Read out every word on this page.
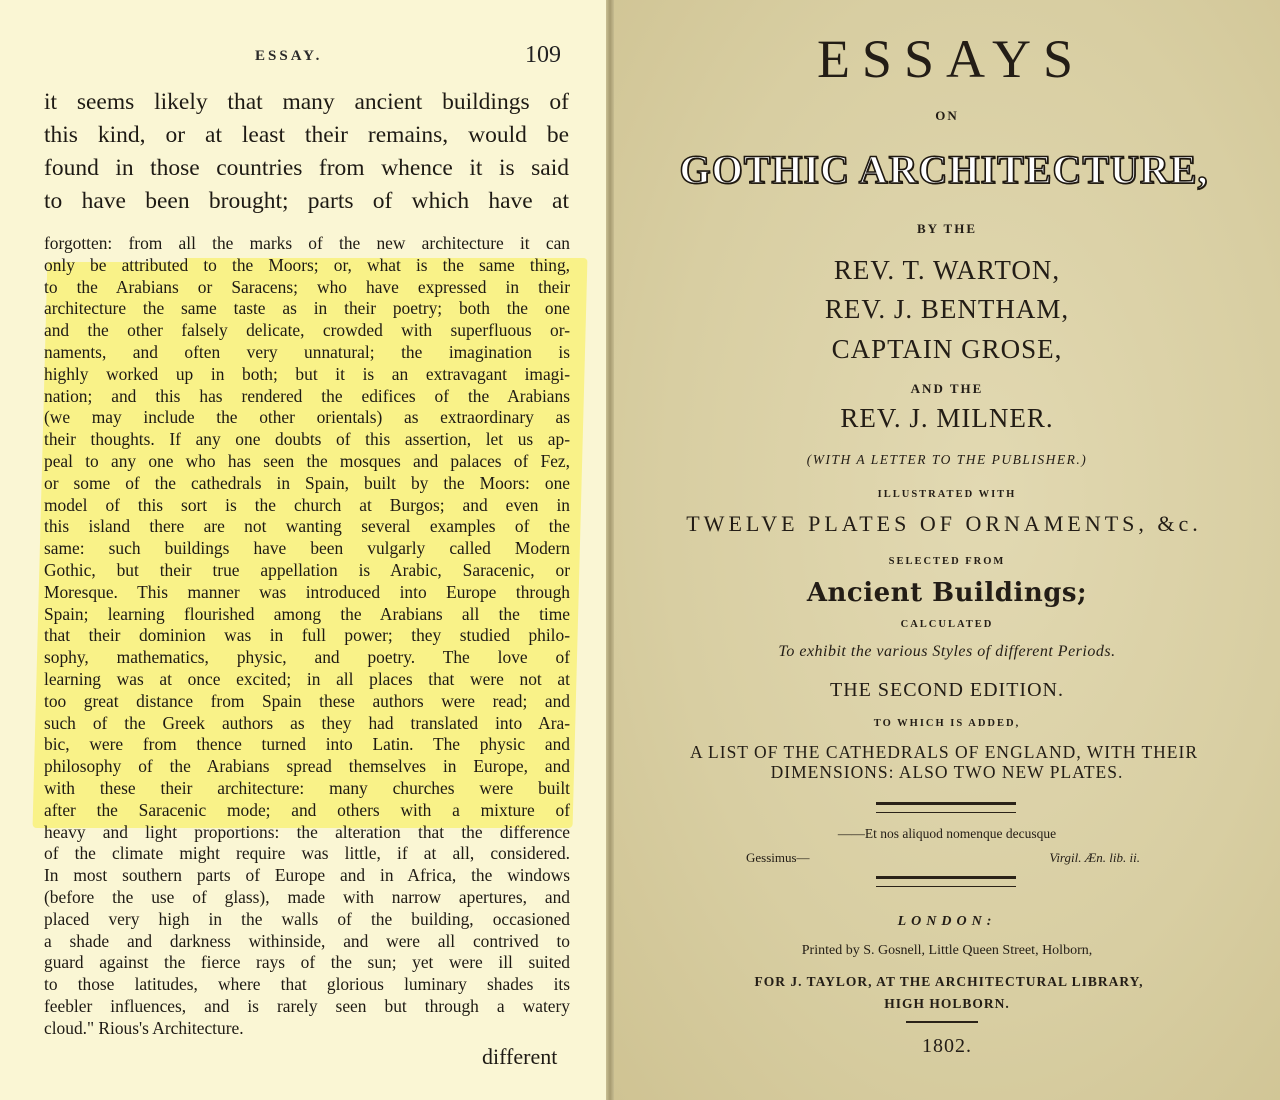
ESSAY.	109
it seems likely that many ancient buildings of
this kind, or at least their remains, would be
found in those countries from whence it is said
to have been brought; parts of which have at
forgotten: from all the marks of the new architecture it can
only be attributed to the Moors; or, what is the same thing,
to the Arabians or Saracens; who have expressed in their
architecture the same taste as in their poetry; both the one
and the other falsely delicate, crowded with superfluous or-
naments, and often very unnatural; the imagination is
highly worked up in both; but it is an extravagant imagi-
nation; and this has rendered the edifices of the Arabians
(we may include the other orientals) as extraordinary as
their thoughts. If any one doubts of this assertion, let us ap-
peal to any one who has seen the mosques and palaces of Fez,
or some of the cathedrals in Spain, built by the Moors: one
model of this sort is the church at Burgos; and even in
this island there are not wanting several examples of the
same: such buildings have been vulgarly called Modern
Gothic, but their true appellation is Arabic, Saracenic, or
Moresque. This manner was introduced into Europe through
Spain; learning flourished among the Arabians all the time
that their dominion was in full power; they studied philo-
sophy, mathematics, physic, and poetry. The love of
learning was at once excited; in all places that were not at
too great distance from Spain these authors were read; and
such of the Greek authors as they had translated into Ara-
bic, were from thence turned into Latin. The physic and
philosophy of the Arabians spread themselves in Europe, and
with these their architecture: many churches were built
after the Saracenic mode; and others with a mixture of
heavy and light proportions: the alteration that the difference
of the climate might require was little, if at all, considered.
In most southern parts of Europe and in Africa, the windows
(before the use of glass), made with narrow apertures, and
placed very high in the walls of the building, occasioned
a shade and darkness withinside, and were all contrived to
guard against the fierce rays of the sun; yet were ill suited
to those latitudes, where that glorious luminary shades its
feebler influences, and is rarely seen but through a watery
cloud." Rious's Architecture.
different
ESSAYS
ON
GOTHIC ARCHITECTURE,
BY THE
REV. T. WARTON,
REV. J. BENTHAM,
CAPTAIN GROSE,
AND THE
REV. J. MILNER.
(WITH A LETTER TO THE PUBLISHER.)
ILLUSTRATED WITH
TWELVE PLATES OF ORNAMENTS, &c.
SELECTED FROM
Ancient Buildings;
CALCULATED
To exhibit the various Styles of different Periods.
THE SECOND EDITION.
TO WHICH IS ADDED,
A LIST OF THE CATHEDRALS OF ENGLAND, WITH THEIR
DIMENSIONS: ALSO TWO NEW PLATES.
——Et nos aliquod nomenque decusque
Gessimus—	Virgil. Æn. lib. ii.
LONDON:
Printed by S. Gosnell, Little Queen Street, Holborn,
FOR J. TAYLOR, AT THE ARCHITECTURAL LIBRARY,
HIGH HOLBORN.
1802.
